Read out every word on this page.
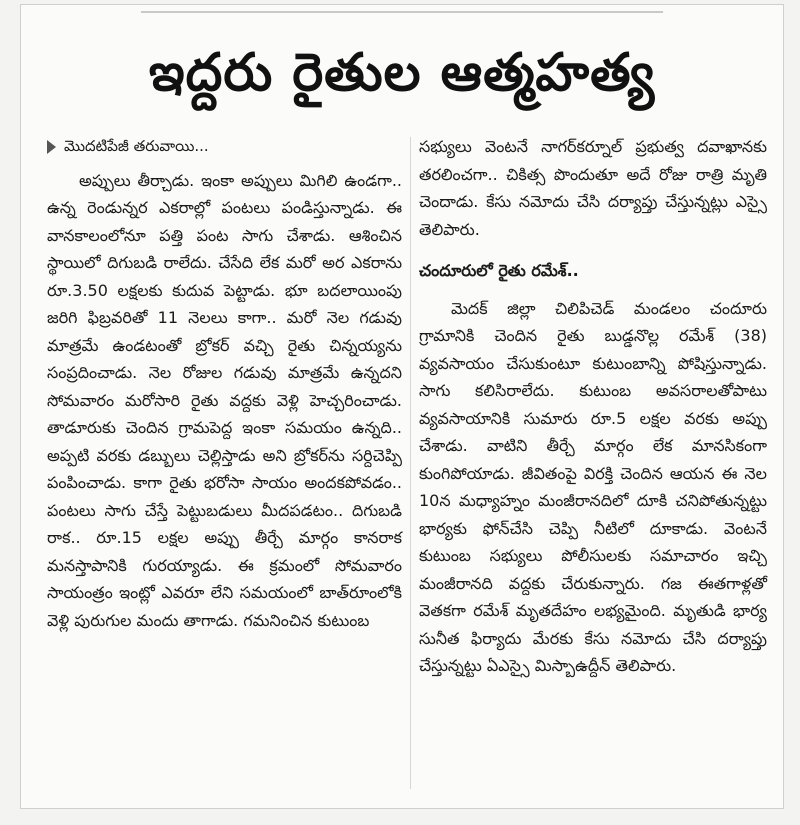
ఇద్దరు రైతుల ఆత్మహత్య
మొదటిపేజీ తరువాయి...

అప్పులు తీర్చాడు. ఇంకా అప్పులు మిగిలి ఉండగా.. ఉన్న రెండున్నర ఎకరాల్లో పంటలు పండిస్తున్నాడు. ఈ వానకాలంలోనూ పత్తి పంట సాగు చేశాడు. ఆశించిన స్థాయిలో దిగుబడి రాలేదు. చేసేది లేక మరో అర ఎకరాను రూ.3.50 లక్షలకు కుదువ పెట్టాడు. భూ బదలాయింపు జరిగి ఫిబ్రవరితో 11 నెలలు కాగా.. మరో నెల గడువు మాత్రమే ఉండటంతో బ్రోకర్ వచ్చి రైతు చిన్నయ్యను సంప్రదించాడు. నెల రోజుల గడువు మాత్రమే ఉన్నదని సోమవారం మరోసారి రైతు వద్దకు వెళ్లి హెచ్చరించాడు. తాడూరుకు చెందిన గ్రామపెద్ద ఇంకా సమయం ఉన్నది.. అప్పటి వరకు డబ్బులు చెల్లిస్తాడు అని బ్రోకర్‌ను సర్దిచెప్పి పంపించాడు. కాగా రైతు భరోసా సాయం అందకపోవడం.. పంటలు సాగు చేస్తే పెట్టుబడులు మీదపడటం.. దిగుబడి రాక.. రూ.15 లక్షల అప్పు తీర్చే మార్గం కానరాక మనస్తాపానికి గురయ్యాడు. ఈ క్రమంలో సోమవారం సాయంత్రం ఇంట్లో ఎవరూ లేని సమయంలో బాత్‌రూంలోకి వెళ్లి పురుగుల మందు తాగాడు. గమనించిన కుటుంబ

సభ్యులు వెంటనే నాగర్‌కర్నూల్ ప్రభుత్వ దవాఖానకు తరలించగా.. చికిత్స పొందుతూ అదే రోజు రాత్రి మృతి చెందాడు. కేసు నమోదు చేసి దర్యాప్తు చేస్తున్నట్లు ఎస్సై తెలిపారు.

చందూరులో రైతు రమేశ్..

మెదక్ జిల్లా చిలిపిచెడ్ మండలం చందూరు గ్రామానికి చెందిన రైతు బుడ్డనొల్ల రమేశ్ (38) వ్యవసాయం చేసుకుంటూ కుటుంబాన్ని పోషిస్తున్నాడు. సాగు కలిసిరాలేదు. కుటుంబ అవసరాలతోపాటు వ్యవసాయానికి సుమారు రూ.5 లక్షల వరకు అప్పు చేశాడు. వాటిని తీర్చే మార్గం లేక మానసికంగా కుంగిపోయాడు. జీవితంపై విరక్తి చెందిన ఆయన ఈ నెల 10న మధ్యాహ్నం మంజీరానదిలో దూకి చనిపోతున్నట్టు భార్యకు ఫోన్‌చేసి చెప్పి నీటిలో దూకాడు. వెంటనే కుటుంబ సభ్యులు పోలీసులకు సమాచారం ఇచ్చి మంజీరానది వద్దకు చేరుకున్నారు. గజ ఈతగాళ్లతో వెతకగా రమేశ్ మృతదేహం లభ్యమైంది. మృతుడి భార్య సునీత ఫిర్యాదు మేరకు కేసు నమోదు చేసి దర్యాప్తు చేస్తున్నట్టు ఏఎస్సై మిస్బాఉద్దీన్ తెలిపారు.
